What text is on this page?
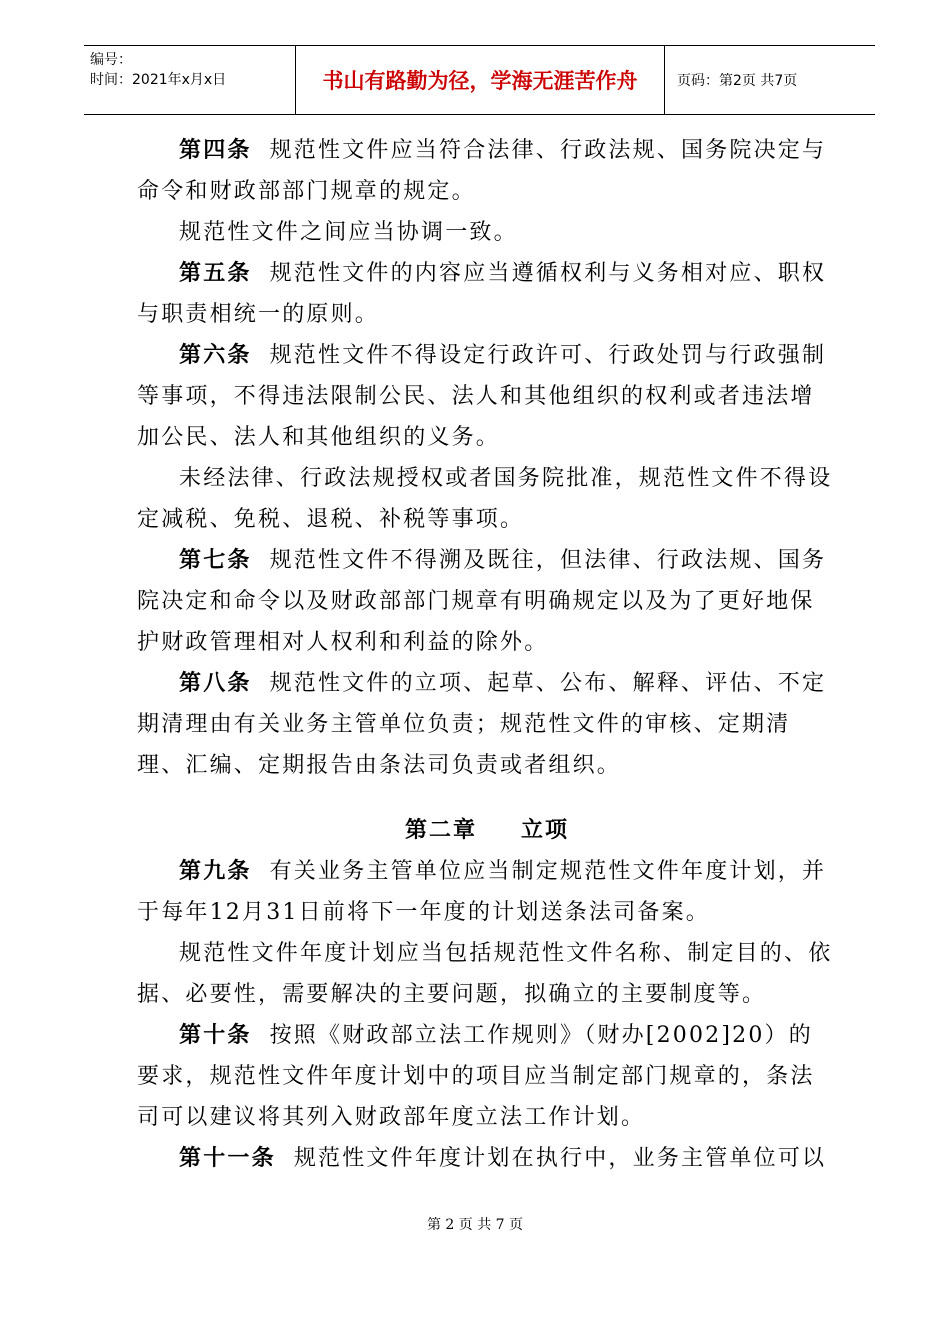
编号：
时间：2021年x月x日	书山有路勤为径，学海无涯苦作舟	页码：第2页 共7页

第四条 规范性文件应当符合法律、行政法规、国务院决定与命令和财政部部门规章的规定。

规范性文件之间应当协调一致。

第五条 规范性文件的内容应当遵循权利与义务相对应、职权与职责相统一的原则。

第六条 规范性文件不得设定行政许可、行政处罚与行政强制等事项，不得违法限制公民、法人和其他组织的权利或者违法增加公民、法人和其他组织的义务。

未经法律、行政法规授权或者国务院批准，规范性文件不得设定减税、免税、退税、补税等事项。

第七条 规范性文件不得溯及既往，但法律、行政法规、国务院决定和命令以及财政部部门规章有明确规定以及为了更好地保护财政管理相对人权利和利益的除外。

第八条 规范性文件的立项、起草、公布、解释、评估、不定期清理由有关业务主管单位负责；规范性文件的审核、定期清理、汇编、定期报告由条法司负责或者组织。

第二章 立项

第九条 有关业务主管单位应当制定规范性文件年度计划，并于每年12月31日前将下一年度的计划送条法司备案。

规范性文件年度计划应当包括规范性文件名称、制定目的、依据、必要性，需要解决的主要问题，拟确立的主要制度等。

第十条 按照《财政部立法工作规则》（财办[2002]20）的要求，规范性文件年度计划中的项目应当制定部门规章的，条法司可以建议将其列入财政部年度立法工作计划。

第十一条 规范性文件年度计划在执行中，业务主管单位可以

第 2 页 共 7 页
